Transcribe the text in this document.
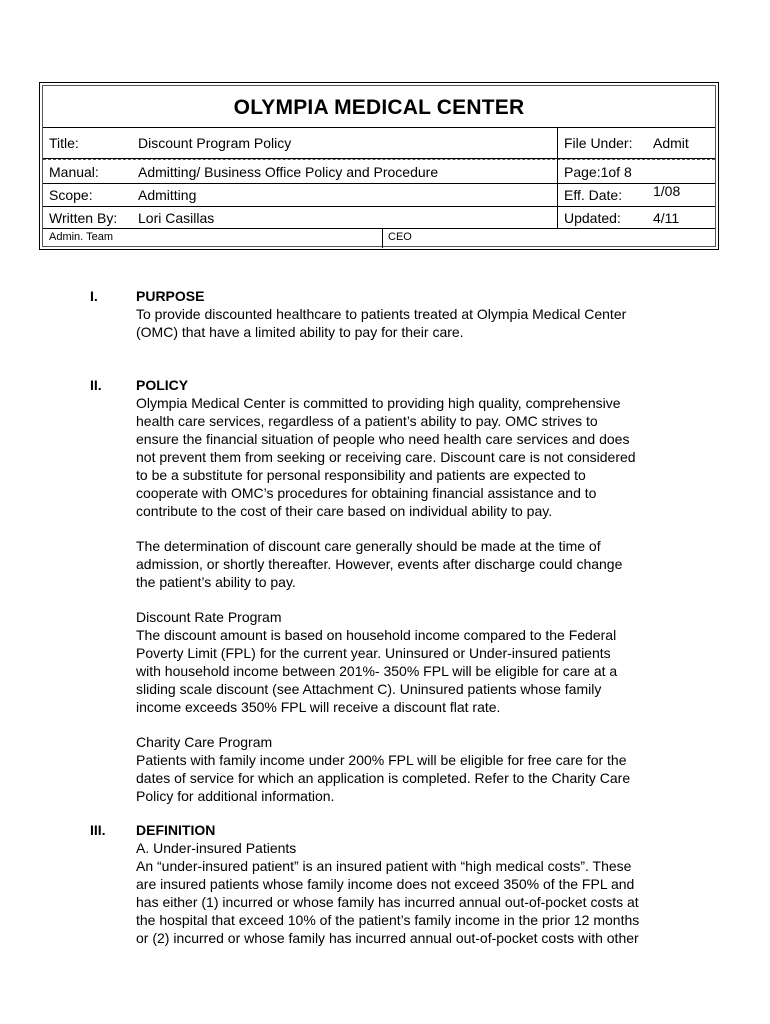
OLYMPIA MEDICAL CENTER
Title:	Discount Program Policy	File Under: Admit
Manual:	Admitting/ Business Office Policy and Procedure	Page:1of 8
Scope:	Admitting	Eff. Date: 1/08
Written By: Lori Casillas	Updated: 4/11
Admin. Team	CEO
I.	PURPOSE
To provide discounted healthcare to patients treated at Olympia Medical Center
(OMC) that have a limited ability to pay for their care.
II. POLICY
Olympia Medical Center is committed to providing high quality, comprehensive
health care services, regardless of a patient’s ability to pay. OMC strives to
ensure the financial situation of people who need health care services and does
not prevent them from seeking or receiving care. Discount care is not considered
to be a substitute for personal responsibility and patients are expected to
cooperate with OMC’s procedures for obtaining financial assistance and to
contribute to the cost of their care based on individual ability to pay.
The determination of discount care generally should be made at the time of
admission, or shortly thereafter. However, events after discharge could change
the patient’s ability to pay.
Discount Rate Program
The discount amount is based on household income compared to the Federal
Poverty Limit (FPL) for the current year. Uninsured or Under-insured patients
with household income between 201%- 350% FPL will be eligible for care at a
sliding scale discount (see Attachment C). Uninsured patients whose family
income exceeds 350% FPL will receive a discount flat rate.
Charity Care Program
Patients with family income under 200% FPL will be eligible for free care for the
dates of service for which an application is completed. Refer to the Charity Care
Policy for additional information.
III. DEFINITION
A. Under-insured Patients
An “under-insured patient” is an insured patient with “high medical costs”. These
are insured patients whose family income does not exceed 350% of the FPL and
has either (1) incurred or whose family has incurred annual out-of-pocket costs at
the hospital that exceed 10% of the patient’s family income in the prior 12 months
or (2) incurred or whose family has incurred annual out-of-pocket costs with other
